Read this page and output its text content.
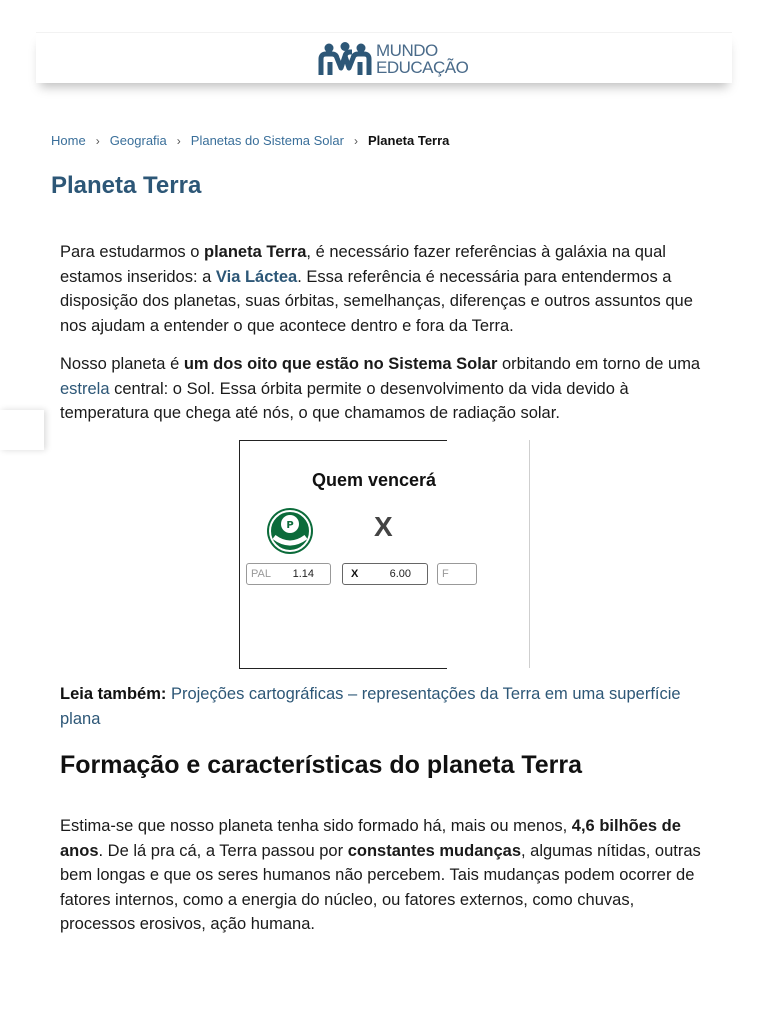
MUNDO
EDUCAÇÃO
Home › Geografia › Planetas do Sistema Solar › Planeta Terra
Planeta Terra

Para estudarmos o planeta Terra, é necessário fazer referências à galáxia na qual estamos inseridos: a Via Láctea. Essa referência é necessária para entendermos a disposição dos planetas, suas órbitas, semelhanças, diferenças e outros assuntos que nos ajudam a entender o que acontece dentro e fora da Terra.

Nosso planeta é um dos oito que estão no Sistema Solar orbitando em torno de uma estrela central: o Sol. Essa órbita permite o desenvolvimento da vida devido à temperatura que chega até nós, o que chamamos de radiação solar.

Quem vencerá
P	X
PAL 1.14	X	6.00	F
Leia também: Projeções cartográficas – representações da Terra em uma superfície plana
Formação e características do planeta Terra

Estima-se que nosso planeta tenha sido formado há, mais ou menos, 4,6 bilhões de anos. De lá pra cá, a Terra passou por constantes mudanças, algumas nítidas, outras bem longas e que os seres humanos não percebem. Tais mudanças podem ocorrer de fatores internos, como a energia do núcleo, ou fatores externos, como chuvas, processos erosivos, ação humana.
